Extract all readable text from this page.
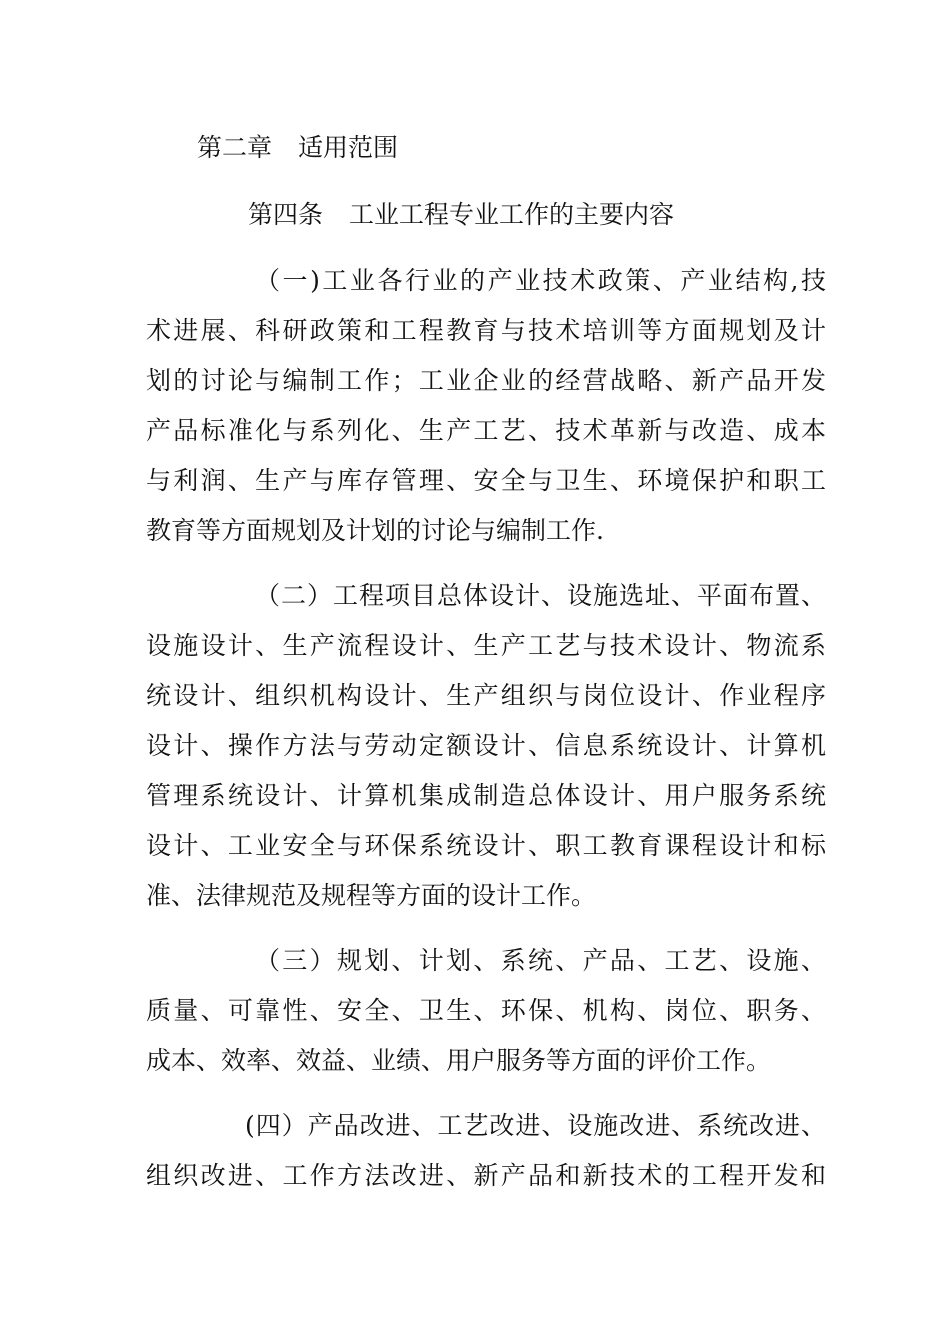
第二章 适用范围
第四条 工业工程专业工作的主要内容
（一)工业各行业的产业技术政策、产业结构,技
术进展、科研政策和工程教育与技术培训等方面规划及计
划的讨论与编制工作；工业企业的经营战略、新产品开发
产品标准化与系列化、生产工艺、技术革新与改造、成本
与利润、生产与库存管理、安全与卫生、环境保护和职工
教育等方面规划及计划的讨论与编制工作.
（二）工程项目总体设计、设施选址、平面布置、
设施设计、生产流程设计、生产工艺与技术设计、物流系
统设计、组织机构设计、生产组织与岗位设计、作业程序
设计、操作方法与劳动定额设计、信息系统设计、计算机
管理系统设计、计算机集成制造总体设计、用户服务系统
设计、工业安全与环保系统设计、职工教育课程设计和标
准、法律规范及规程等方面的设计工作。
（三）规划、计划、系统、产品、工艺、设施、
质量、可靠性、安全、卫生、环保、机构、岗位、职务、
成本、效率、效益、业绩、用户服务等方面的评价工作。
(四）产品改进、工艺改进、设施改进、系统改进、
组织改进、工作方法改进、新产品和新技术的工程开发和
